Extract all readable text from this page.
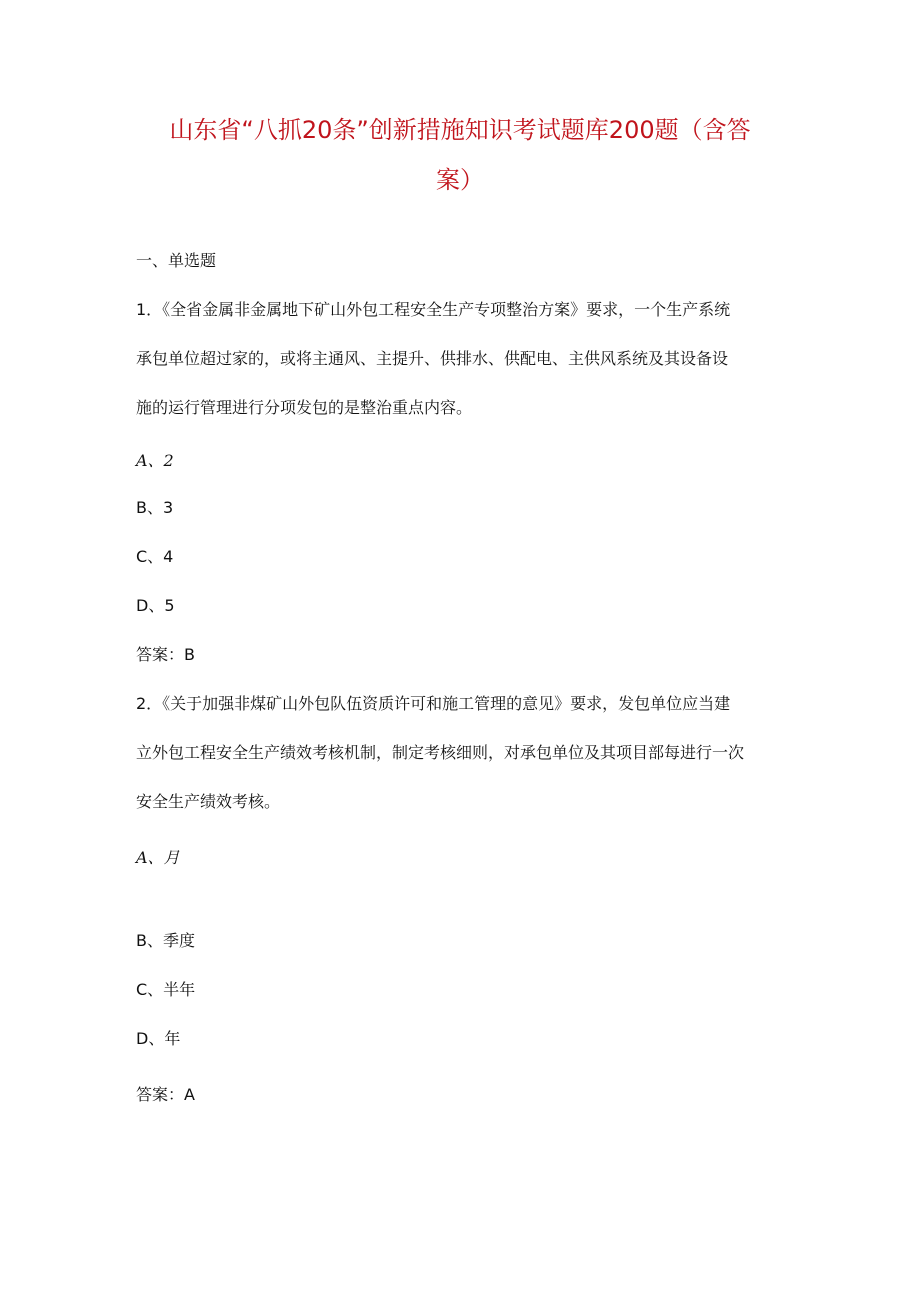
山东省“八抓20条”创新措施知识考试题库200题（含答
案）
一、单选题
1．《全省金属非金属地下矿山外包工程安全生产专项整治方案》要求，一个生产系统
承包单位超过家的，或将主通风、主提升、供排水、供配电、主供风系统及其设备设
施的运行管理进行分项发包的是整治重点内容。
A、2
B、3
C、4
D、5
答案：B
2．《关于加强非煤矿山外包队伍资质许可和施工管理的意见》要求，发包单位应当建
立外包工程安全生产绩效考核机制，制定考核细则，对承包单位及其项目部每进行一次
安全生产绩效考核。
A、月
B、季度
C、半年
D、年
答案：A
